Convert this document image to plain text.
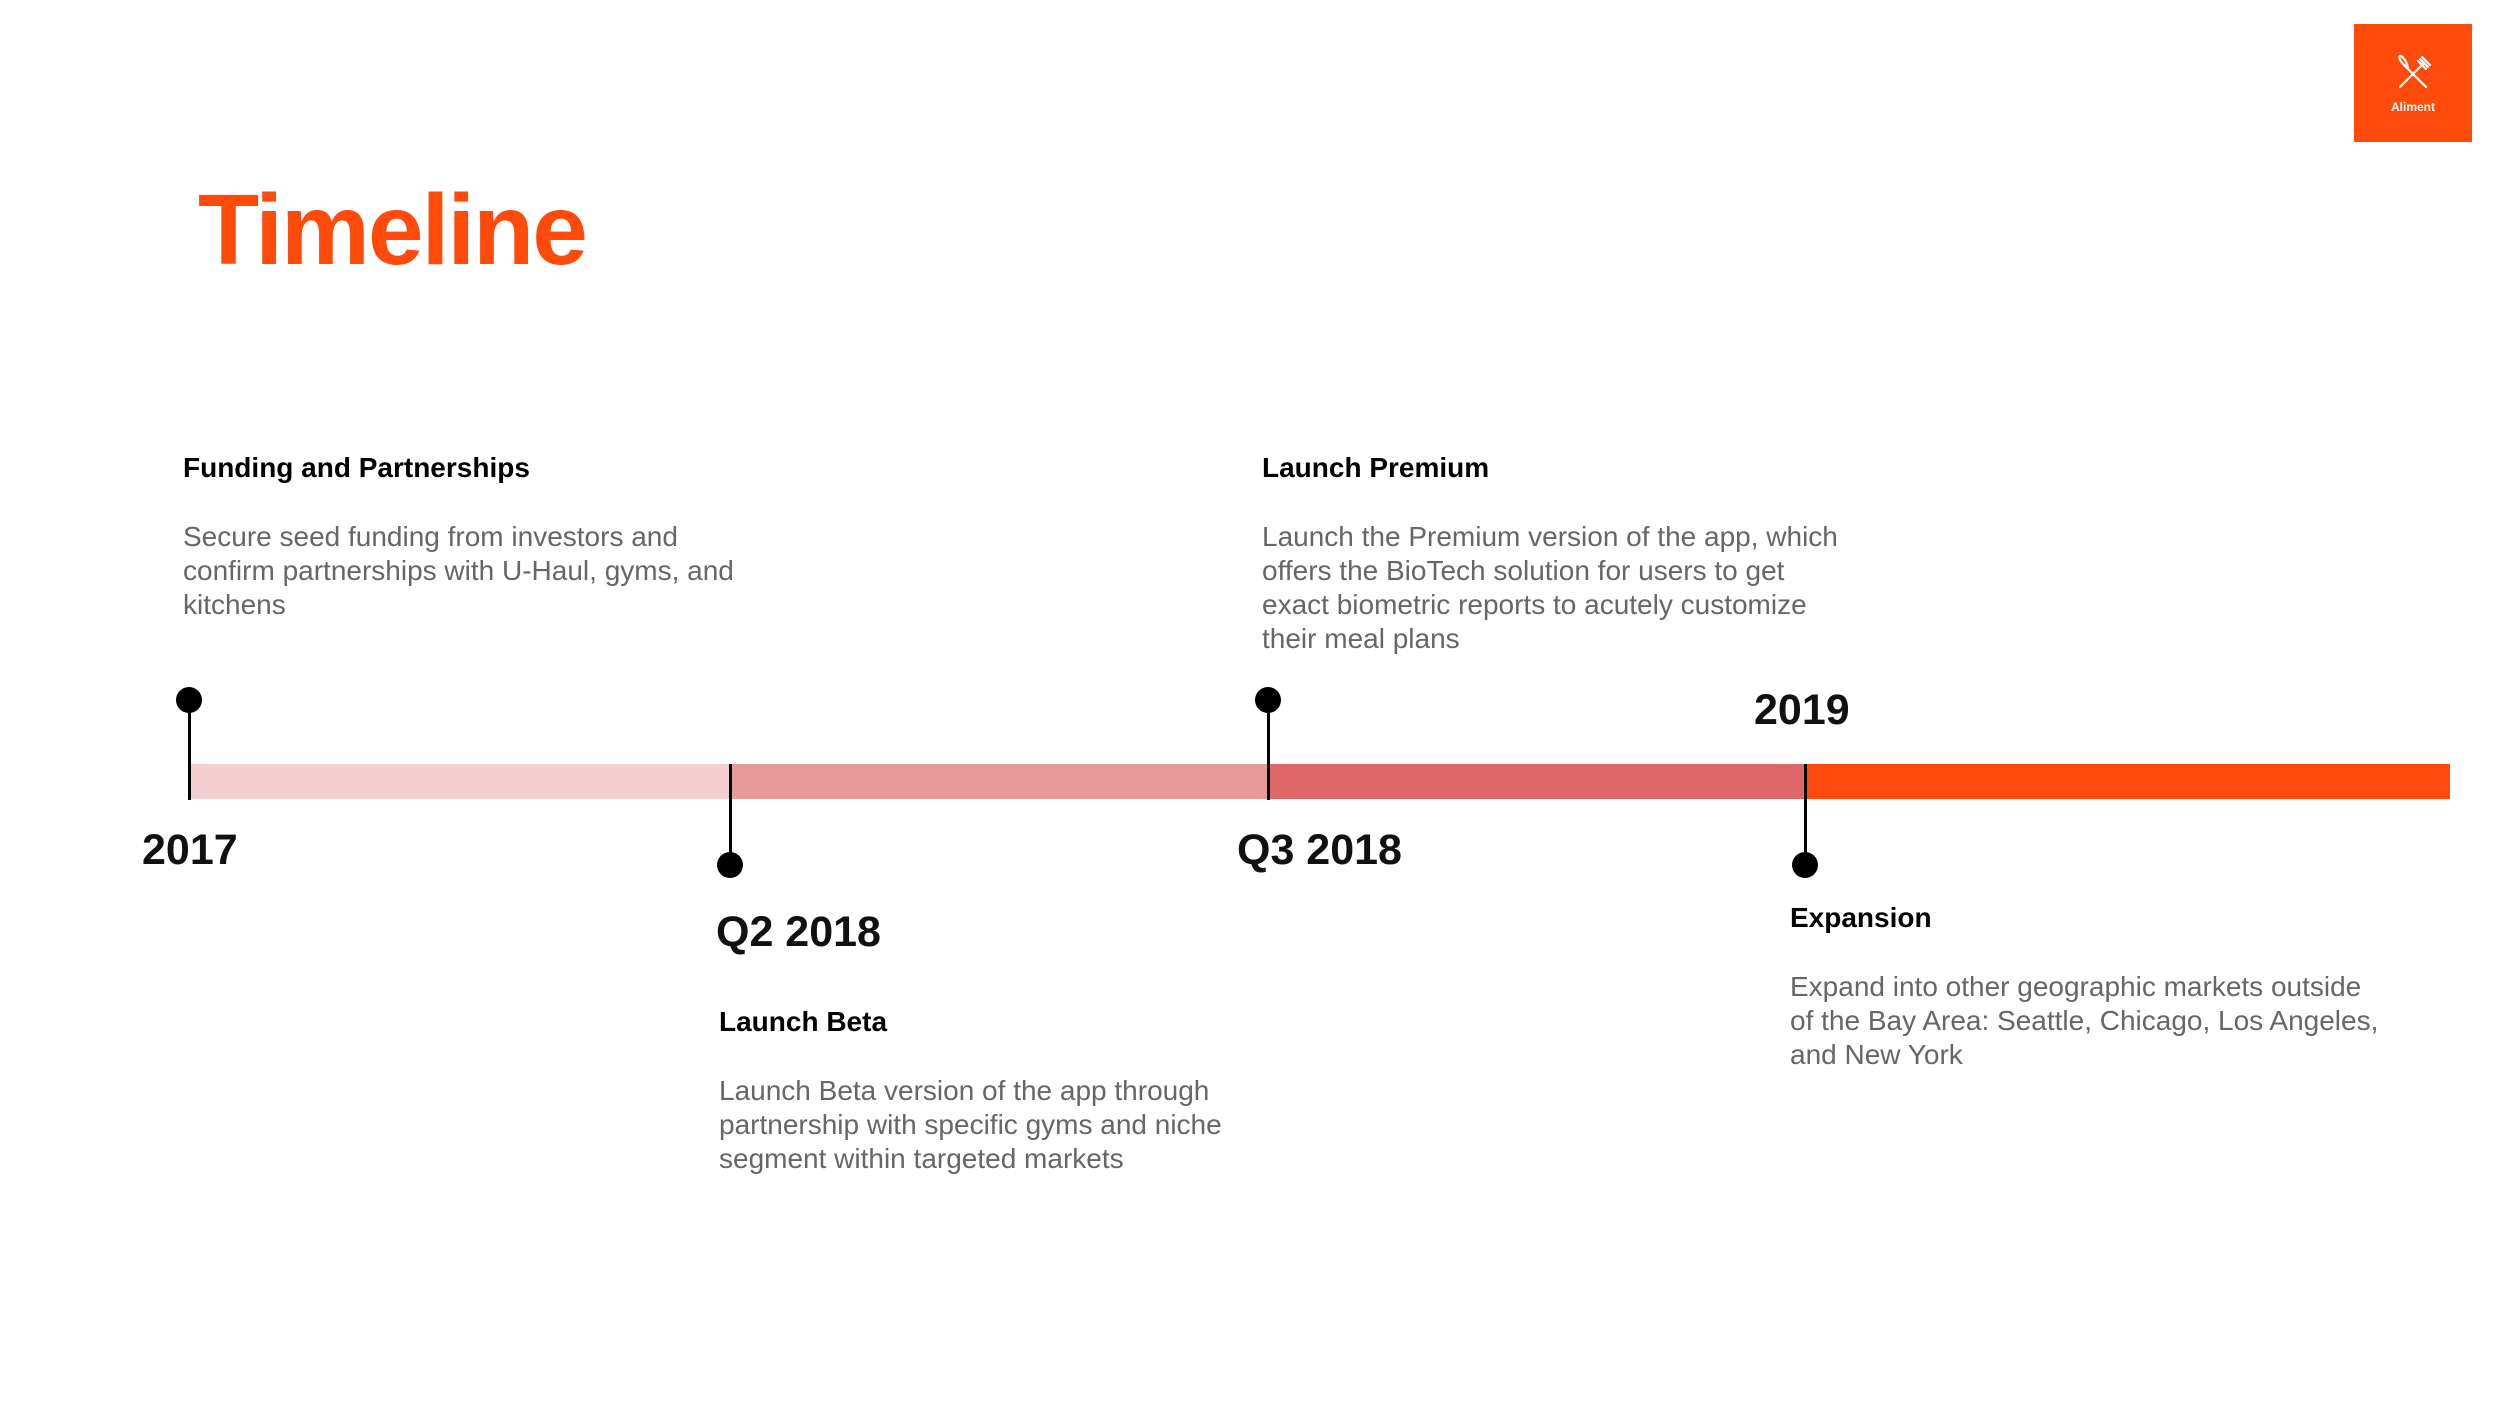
Aliment
Timeline
Funding and Partnerships

Secure seed funding from investors and confirm partnerships with U-Haul, gyms, and kitchens

2017
Q2 2018
Launch Beta

Launch Beta version of the app through partnership with specific gyms and niche segment within targeted markets

Launch Premium

Launch the Premium version of the app, which offers the BioTech solution for users to get exact biometric reports to acutely customize their meal plans

Q3 2018
2019
Expansion

Expand into other geographic markets outside of the Bay Area: Seattle, Chicago, Los Angeles, and New York
